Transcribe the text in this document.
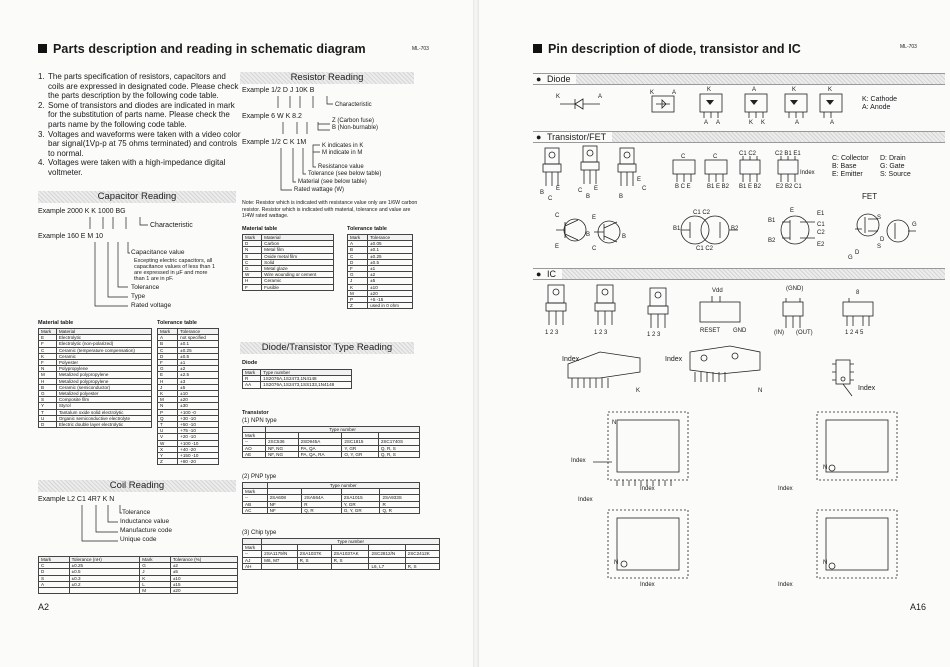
Parts description and reading in schematic diagram	ML-703
1. The parts specification of resistors, capacitors and coils are expressed in designated code. Please check the parts description by the following code table.
2. Some of transistors and diodes are indicated in mark for the substitution of parts name. Please check the parts name by the following code table.
3. Voltages and waveforms were taken with a video color bar signal(1Vp-p at 75 ohms terminated) and controls to normal.
4. Voltages were taken with a high-impedance digital voltmeter.
Capacitor Reading
Example 2000 K K 1000 BG
Characteristic
Example 160 E M 10
Capacitance value
Excepting electric capacitors, all
capacitance values of less than 1
are expressed in µF and more
than 1 are in pF.
Tolerance
Type
Rated voltage
Material table
Mark	Material
E	Electrolytic
F	Electrolytic (non-polarized)
C	Ceramic (temperature compensation)
K	Ceramic
F	Polyester
N	Polypropylene
M	Metalized polypropylene
H	Metalized polypropylene
B	Ceramic (semiconductor)
G	Metalized polyester
S	Composite film
Y	Styrol
T	Tantalum oxide solid electrolytic
U	Organic semiconductive electrolyte
D	Electric double layer electrolytic
Tolerance table
Mark	Tolerance
A	not specified
B	±0.1
C	±0.25
D	±0.5
F	±1
G	±2
E	±2.5
H	±3
J	±5
K	±10
M	±20
N	±30
P	+100 -0
Q	+30 -10
T	+50 -10
U	+75 -10
V	+20 -10
W	+100 -10
X	+40 -20
Y	+150 -10
Z	+80 -20
Coil Reading
Example L2 C1 4R7 K N
Tolerance
Inductance value
Manufacture code
Unique code
Mark	Tolerance (nH)	Mark	Tolerance (%)
C	±0.25	G	±2
D	±0.5	J	±5
S	±0.3	K	±10
A	±0.2	L	±15
		M	±20
A2
Resistor Reading
Example 1/2 D J 10K B
Characteristic
Example 6 W K 8.2
Z (Carbon fuse)
B (Non-burnable)
Example 1/2 C K 1M	K indicates in K
M indicate in M
Resistance value
Tolerance (see below table)
Material (see below table)
Rated wattage (W)
Note: Resistor which is indicated with resistance value only are 1/6W carbon resistor. Resistor which is indicated with material, tolerance and value are 1/4W rated wattage.
Material table
Mark	Material
D	Carbon
N	Metal film
S	Oxide metal film
C	Solid
G	Metal glaze
W	Wire wounding or cement
H	Ceramic
F	Fusible
Tolerance table
Mark	Tolerance
A	±0.05
B	±0.1
C	±0.25
D	±0.5
F	±1
G	±2
J	±5
K	±10
M	±20
P	+5 -15
Z	used in 0 ohm
Diode/Transistor Type Reading
Diode
Mark	Type number
R	1S2076A,1S2473,1N4148
AA	1S2076A,1S2473,1SS133,1N4148
Transistor
(1) NPN type
	Type number			
Mark				
--	2SC536	2SD945A	2SC1815	2SC1740S
AO	NF, NG	PA, QA	Y, GR	Q, R, S
AE	NF, NG	PA, QA, RA	O, Y, GR	Q, R, S
(2) PNP type
	Type number			
Mark				
--	2SA608	2SA564A	2SA1015	2SA933S
AB	NF	R	Y, GR	R
AC	NF	Q, R	O, Y, GR	Q, R
(3) Chip type
	Type number				
Mark					
--	2SA1179/N	2SA1037K	2SA1037AK	2SC2812/N	2SC2412K
AJ	M6, M7	R, S	R, S		
AH				L6, L7	R, S
Pin description of diode, transistor and IC	ML-703
A16
● Diode
● Transistor/FET
● IC
K: Cathode
A: Anode
C: Collector
B: Base
E: Emitter
D: Drain
G: Gate
S: Source
FET
K	A
K	A	K	A	K	K
A A	K K	A	A
B
C
E	C
B
E
B
E
C
C	C	C1 C2	C2 B1 E1
Index
B C E	B1 E B2 B1 E B2 E2 B2 C1
C
E
E
C
B	B
C1 C2
B1	B2
C1 C2
E
B1
B2
E1
C1
C2
E2
S
S
G
D
G
D
1 2 3	1 2 3	1 2 3
Vdd
RESET GND
(GND)
(IN) (OUT)	1 2 4 5
8
Index	Index
Index
K	N
Index
N
Index	Index
Index
Index	Index
N
N
N
